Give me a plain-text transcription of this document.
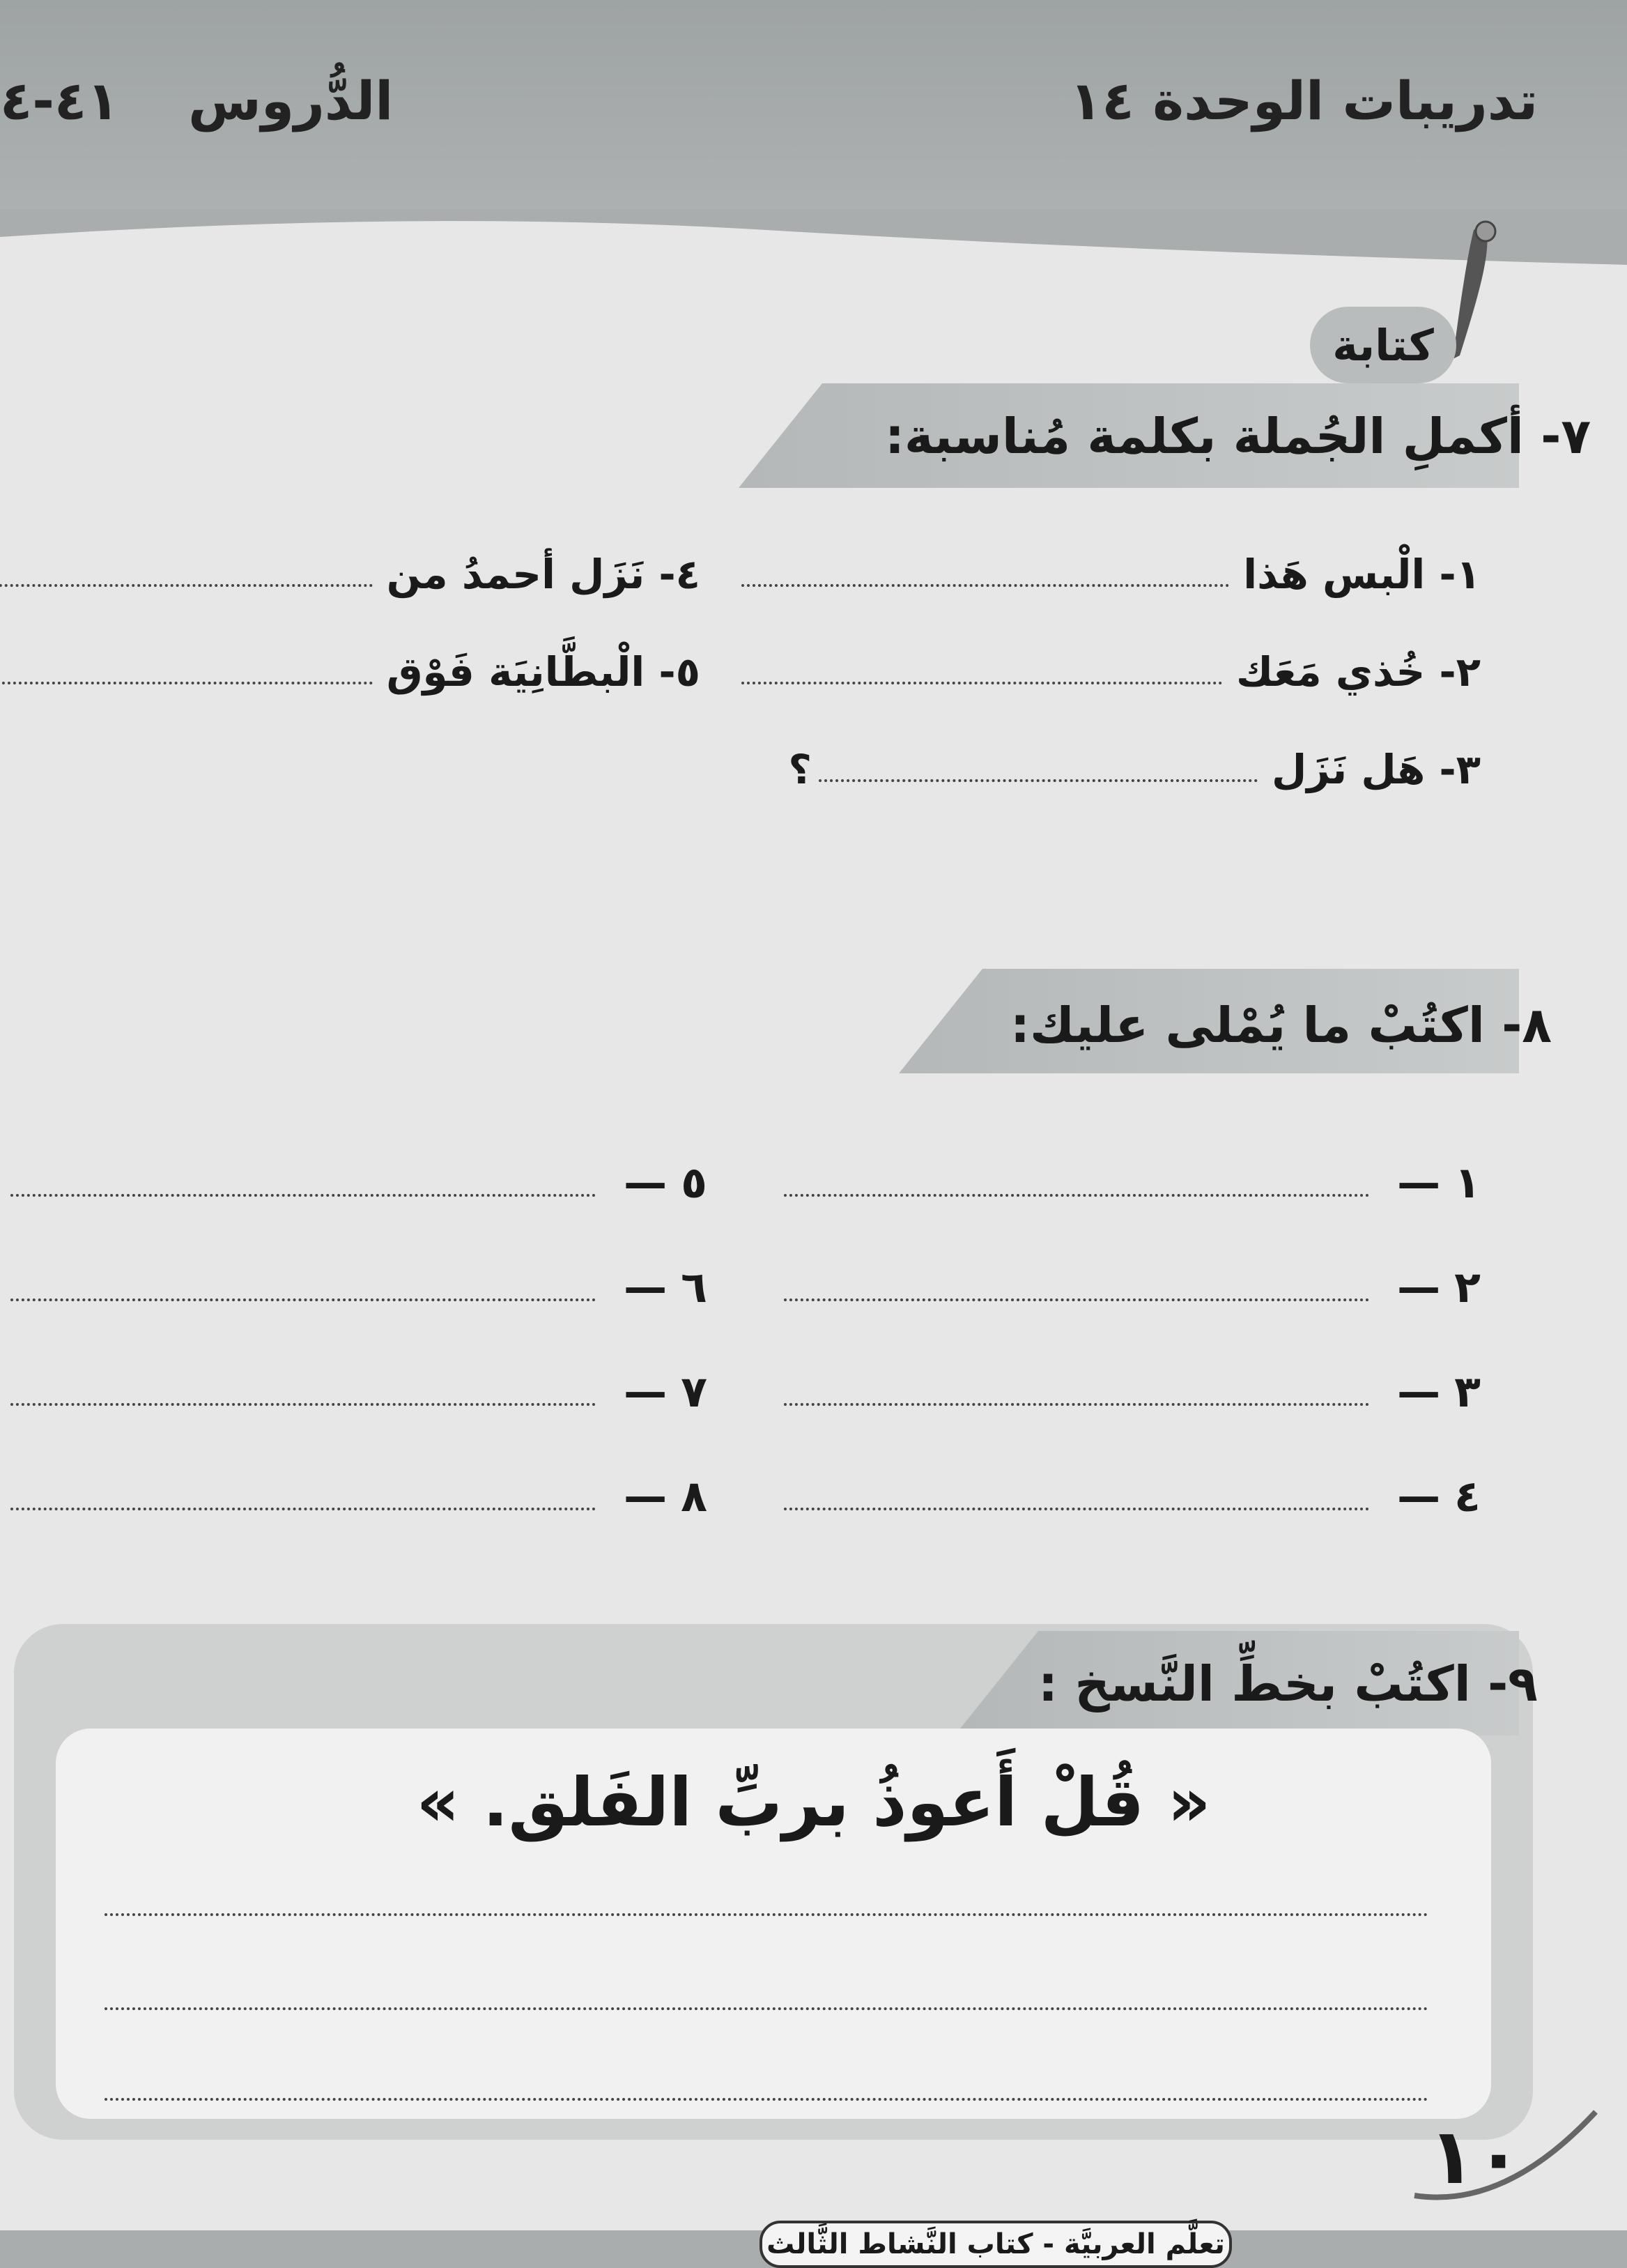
تدريبات الوحدة ١٤
الدُّروس
٤١-٤
كتابة
٧- أكملِ الجُملة بكلمة مُناسبة:
١- الْبس هَذا
٢- خُذي مَعَك
٣- هَل نَزَل
؟
٤- نَزَل أحمدُ من
٥- الْبطَّانِيَة فَوْق
٨- اكتُبْ ما يُمْلى عليك:
١
—
٢
—
٣
—
٤
—
٥
—
٦
—
٧
—
٨
—
٩- اكتُبْ بخطِّ النَّسخ :
« قُلْ أَعوذُ بربِّ الفَلق. »
١٠
تعلَّم العربيَّة - كتاب النَّشاط الثَّالث
